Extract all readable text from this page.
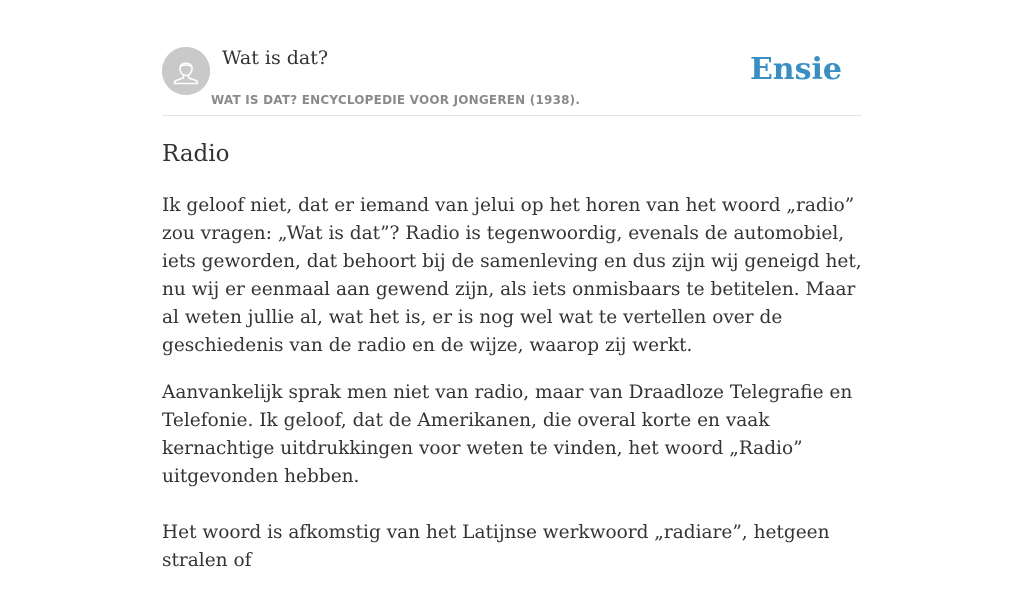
Wat is dat?
WAT IS DAT? ENCYCLOPEDIE VOOR JONGEREN (1938).
Ensie
Radio

Ik geloof niet, dat er iemand van jelui op het horen van het woord „radio” zou vragen: „Wat is dat”? Radio is tegenwoordig, evenals de automobiel, iets geworden, dat behoort bij de samenleving en dus zijn wij geneigd het, nu wij er eenmaal aan gewend zijn, als iets onmisbaars te betitelen. Maar al weten jullie al, wat het is, er is nog wel wat te vertellen over de geschiedenis van de radio en de wijze, waarop zij werkt.

Aanvankelijk sprak men niet van radio, maar van Draadloze Telegrafie en Telefonie. Ik geloof, dat de Amerikanen, die overal korte en vaak kernachtige uitdrukkingen voor weten te vinden, het woord „Radio” uitgevonden hebben.

Het woord is afkomstig van het Latijnse werkwoord „radiare”, hetgeen stralen of
